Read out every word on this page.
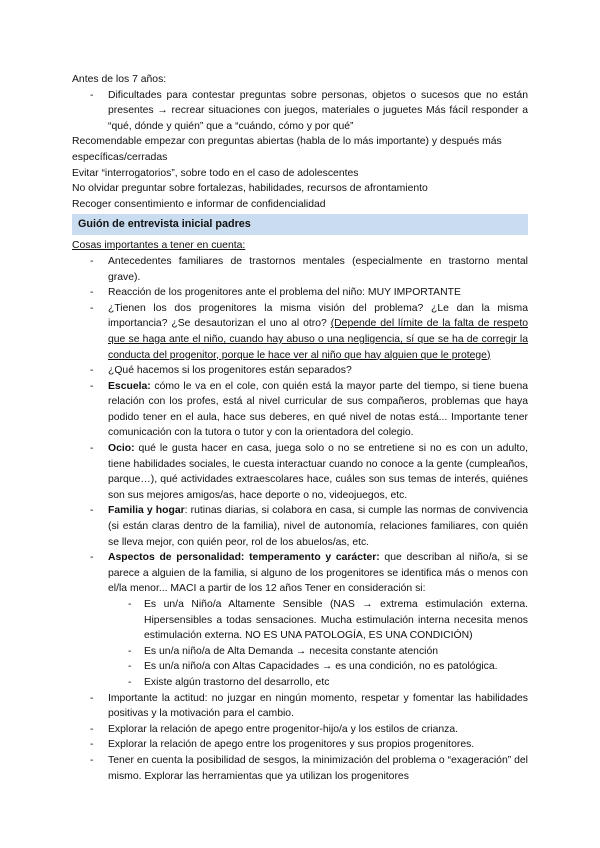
Antes de los 7 años:

- Dificultades para contestar preguntas sobre personas, objetos o sucesos que no están presentes → recrear situaciones con juegos, materiales o juguetes Más fácil responder a “qué, dónde y quién” que a “cuándo, cómo y por qué”

Recomendable empezar con preguntas abiertas (habla de lo más importante) y después más específicas/cerradas

Evitar “interrogatorios”, sobre todo en el caso de adolescentes

No olvidar preguntar sobre fortalezas, habilidades, recursos de afrontamiento

Recoger consentimiento e informar de confidencialidad

Guión de entrevista inicial padres

Cosas importantes a tener en cuenta:

- Antecedentes familiares de trastornos mentales (especialmente en trastorno mental grave).
- Reacción de los progenitores ante el problema del niño: MUY IMPORTANTE
- ¿Tienen los dos progenitores la misma visión del problema? ¿Le dan la misma importancia? ¿Se desautorizan el uno al otro? (Depende del límite de la falta de respeto que se haga ante el niño, cuando hay abuso o una negligencia, sí que se ha de corregir la conducta del progenitor, porque le hace ver al niño que hay alguien que le protege)
- ¿Qué hacemos si los progenitores están separados?
- Escuela: cómo le va en el cole, con quién está la mayor parte del tiempo, si tiene buena relación con los profes, está al nivel curricular de sus compañeros, problemas que haya podido tener en el aula, hace sus deberes, en qué nivel de notas está... Importante tener comunicación con la tutora o tutor y con la orientadora del colegio.
- Ocio: qué le gusta hacer en casa, juega solo o no se entretiene si no es con un adulto, tiene habilidades sociales, le cuesta interactuar cuando no conoce a la gente (cumpleaños, parque…), qué actividades extraescolares hace, cuáles son sus temas de interés, quiénes son sus mejores amigos/as, hace deporte o no, videojuegos, etc.
- Familia y hogar: rutinas diarias, si colabora en casa, si cumple las normas de convivencia (si están claras dentro de la familia), nivel de autonomía, relaciones familiares, con quién se lleva mejor, con quién peor, rol de los abuelos/as, etc.
- Aspectos de personalidad: temperamento y carácter: que describan al niño/a, si se parece a alguien de la familia, si alguno de los progenitores se identifica más o menos con el/la menor... MACI a partir de los 12 años Tener en consideración si:
- Es un/a Niño/a Altamente Sensible (NAS → extrema estimulación externa. Hipersensibles a todas sensaciones. Mucha estimulación interna necesita menos estimulación externa. NO ES UNA PATOLOGÍA, ES UNA CONDICIÓN)
- Es un/a niño/a de Alta Demanda → necesita constante atención
- Es un/a niño/a con Altas Capacidades → es una condición, no es patológica.
- Existe algún trastorno del desarrollo, etc
- Importante la actitud: no juzgar en ningún momento, respetar y fomentar las habilidades positivas y la motivación para el cambio.
- Explorar la relación de apego entre progenitor-hijo/a y los estilos de crianza.
- Explorar la relación de apego entre los progenitores y sus propios progenitores.
- Tener en cuenta la posibilidad de sesgos, la minimización del problema o “exageración” del mismo. Explorar las herramientas que ya utilizan los progenitores
